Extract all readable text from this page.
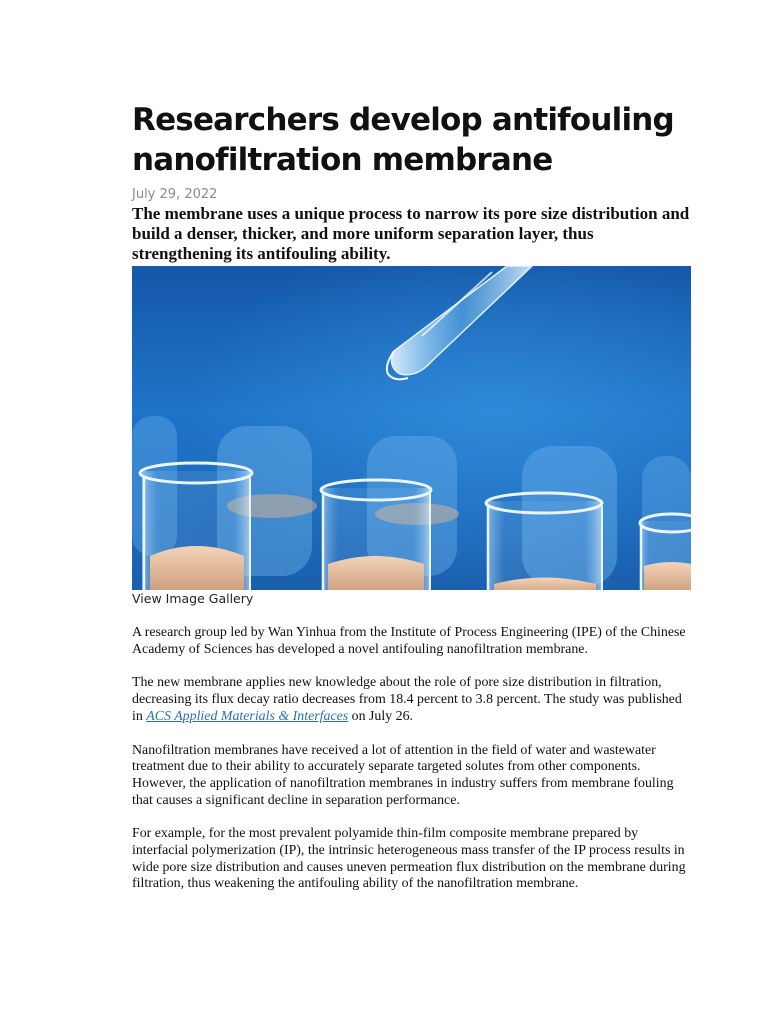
Researchers develop antifouling nanofiltration membrane
July 29, 2022
The membrane uses a unique process to narrow its pore size distribution and build a denser, thicker, and more uniform separation layer, thus strengthening its antifouling ability.
View Image Gallery

A research group led by Wan Yinhua from the Institute of Process Engineering (IPE) of the Chinese Academy of Sciences has developed a novel antifouling nanofiltration membrane.

The new membrane applies new knowledge about the role of pore size distribution in filtration, decreasing its flux decay ratio decreases from 18.4 percent to 3.8 percent. The study was published in ACS Applied Materials & Interfaces on July 26.

Nanofiltration membranes have received a lot of attention in the field of water and wastewater treatment due to their ability to accurately separate targeted solutes from other components. However, the application of nanofiltration membranes in industry suffers from membrane fouling that causes a significant decline in separation performance.

For example, for the most prevalent polyamide thin-film composite membrane prepared by interfacial polymerization (IP), the intrinsic heterogeneous mass transfer of the IP process results in wide pore size distribution and causes uneven permeation flux distribution on the membrane during filtration, thus weakening the antifouling ability of the nanofiltration membrane.
